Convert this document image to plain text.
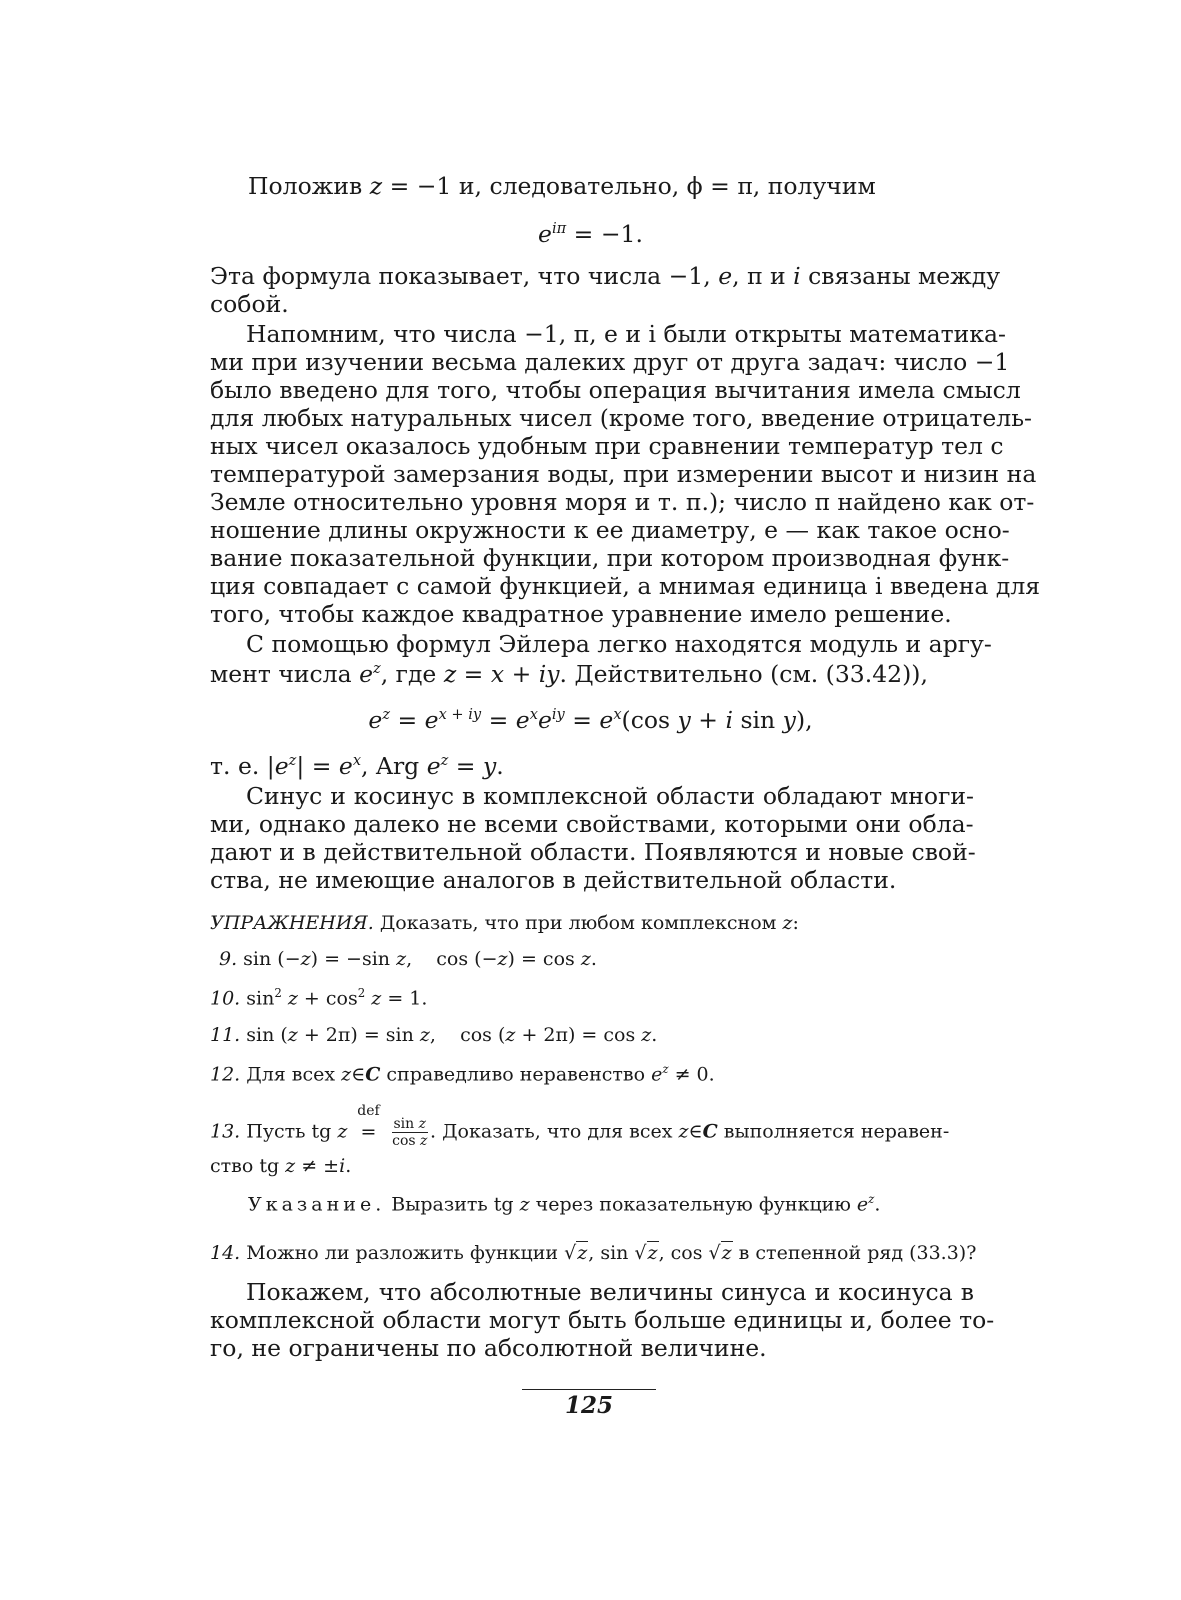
Положив z = −1 и, следовательно, ϕ = π, получим
$e^{i\pi} = -1$.
Эта формула показывает, что числа −1, e, π и i связаны между
собой.
Напомним, что числа −1, π, e и i были открыты математика-
ми при изучении весьма далеких друг от друга задач: число −1
было введено для того, чтобы операция вычитания имела смысл
для любых натуральных чисел (кроме того, введение отрицатель-
ных чисел оказалось удобным при сравнении температур тел с
температурой замерзания воды, при измерении высот и низин на
Земле относительно уровня моря и т. п.); число π найдено как от-
ношение длины окружности к ее диаметру, e — как такое осно-
вание показательной функции, при котором производная функ-
ция совпадает с самой функцией, а мнимая единица i введена для
того, чтобы каждое квадратное уравнение имело решение.
С помощью формул Эйлера легко находятся модуль и аргу-
мент числа $e^z$, где z = x + iy. Действительно (см. (33.42)),
$e^z = e^{x + iy} = e^xe^{iy} = e^x(\cos$ y + i sin y),
т. е. $|e^z| = e^x$, Arg $e^z = y$.
Синус и косинус в комплексной области обладают многи-
ми, однако далеко не всеми свойствами, которыми они обла-
дают и в действительной области. Появляются и новые свой-
ства, не имеющие аналогов в действительной области.
УПРАЖНЕНИЯ. Доказать, что при любом комплексном z:
9. sin (−z) = −sin z,    cos (−z) = cos z.
10. $\sin^2 z + \cos^2 z = 1$.
11. sin (z + 2π) = sin z,    cos (z + 2π) = cos z.
12. Для всех z∈C справедливо неравенство $e^z \ne 0$.
13. Пусть tg z
def
= $\frac{\text{sin z}}{\text{cos z}}$ . Доказать, что для всех z∈C выполняется неравен-
ство tg z ≠ ±i.
Указание. Выразить tg z через показательную функцию $e^z$.
14. Можно ли разложить функции √z, sin √z, cos √z в степенной ряд (33.3)?
Покажем, что абсолютные величины синуса и косинуса в
комплексной области могут быть больше единицы и, более то-
го, не ограничены по абсолютной величине.
125
